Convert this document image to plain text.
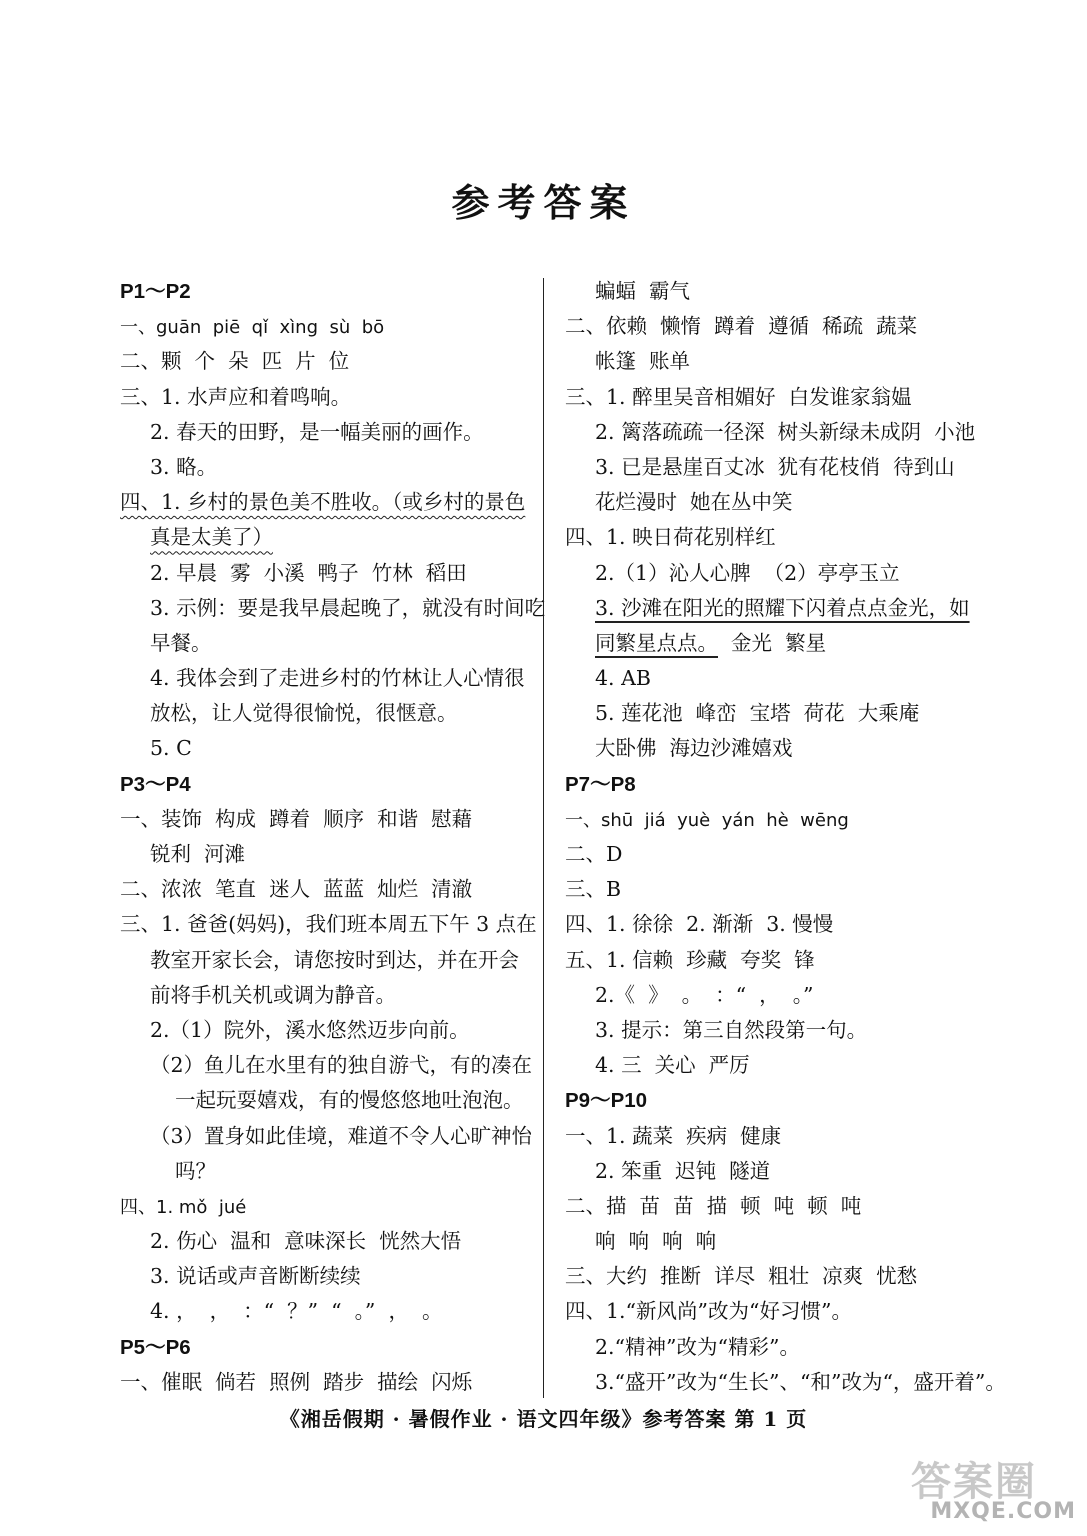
参考答案
P1～P2
一、guān  piē  qǐ  xìng  sù  bō
二、颗  个  朵  匹  片  位
三、1. 水声应和着鸣响。
2. 春天的田野，是一幅美丽的画作。
3. 略。
四、1. 乡村的景色美不胜收。（或乡村的景色
真是太美了）
2. 早晨  雾  小溪  鸭子  竹林  稻田
3. 示例：要是我早晨起晚了，就没有时间吃
早餐。
4. 我体会到了走进乡村的竹林让人心情很
放松，让人觉得很愉悦，很惬意。
5. C
P3～P4
一、装饰  构成  蹲着  顺序  和谐  慰藉
锐利  河滩
二、浓浓  笔直  迷人  蓝蓝  灿烂  清澈
三、1. 爸爸(妈妈)，我们班本周五下午 3 点在
教室开家长会，请您按时到达，并在开会
前将手机关机或调为静音。
2.（1）院外，溪水悠然迈步向前。
（2）鱼儿在水里有的独自游弋，有的凑在
一起玩耍嬉戏，有的慢悠悠地吐泡泡。
（3）置身如此佳境，难道不令人心旷神怡
吗？
四、1. mǒ  jué
2. 伤心  温和  意味深长  恍然大悟
3. 说话或声音断断续续
4. ，  ，  ：“  ？”  “  。”  ，  。
P5～P6
一、催眠  倘若  照例  踏步  描绘  闪烁
蝙蝠  霸气
二、依赖  懒惰  蹲着  遵循  稀疏  蔬菜
帐篷  账单
三、1. 醉里吴音相媚好  白发谁家翁媪
2. 篱落疏疏一径深  树头新绿未成阴  小池
3. 已是悬崖百丈冰  犹有花枝俏  待到山
花烂漫时  她在丛中笑
四、1. 映日荷花别样红
2.（1）沁人心脾  （2）亭亭玉立
3. 沙滩在阳光的照耀下闪着点点金光，如
同繁星点点。  金光  繁星
4. AB
5. 莲花池  峰峦  宝塔  荷花  大乘庵
大卧佛  海边沙滩嬉戏
P7～P8
一、shū  jiá  yuè  yán  hè  wēng
二、D
三、B
四、1. 徐徐  2. 渐渐  3. 慢慢
五、1. 信赖  珍藏  夸奖  锋
2.《  》  。  ：“  ，  。”
3. 提示：第三自然段第一句。
4. 三  关心  严厉
P9～P10
一、1. 蔬菜  疾病  健康
2. 笨重  迟钝  隧道
二、描  苗  苗  描  顿  吨  顿  吨
响  响  响  响
三、大约  推断  详尽  粗壮  凉爽  忧愁
四、1.“新风尚”改为“好习惯”。
2.“精神”改为“精彩”。
3.“盛开”改为“生长”、“和”改为“，盛开着”。
《湘岳假期 · 暑假作业 · 语文四年级》参考答案 第 1 页
答案圈
MXQE.COM
